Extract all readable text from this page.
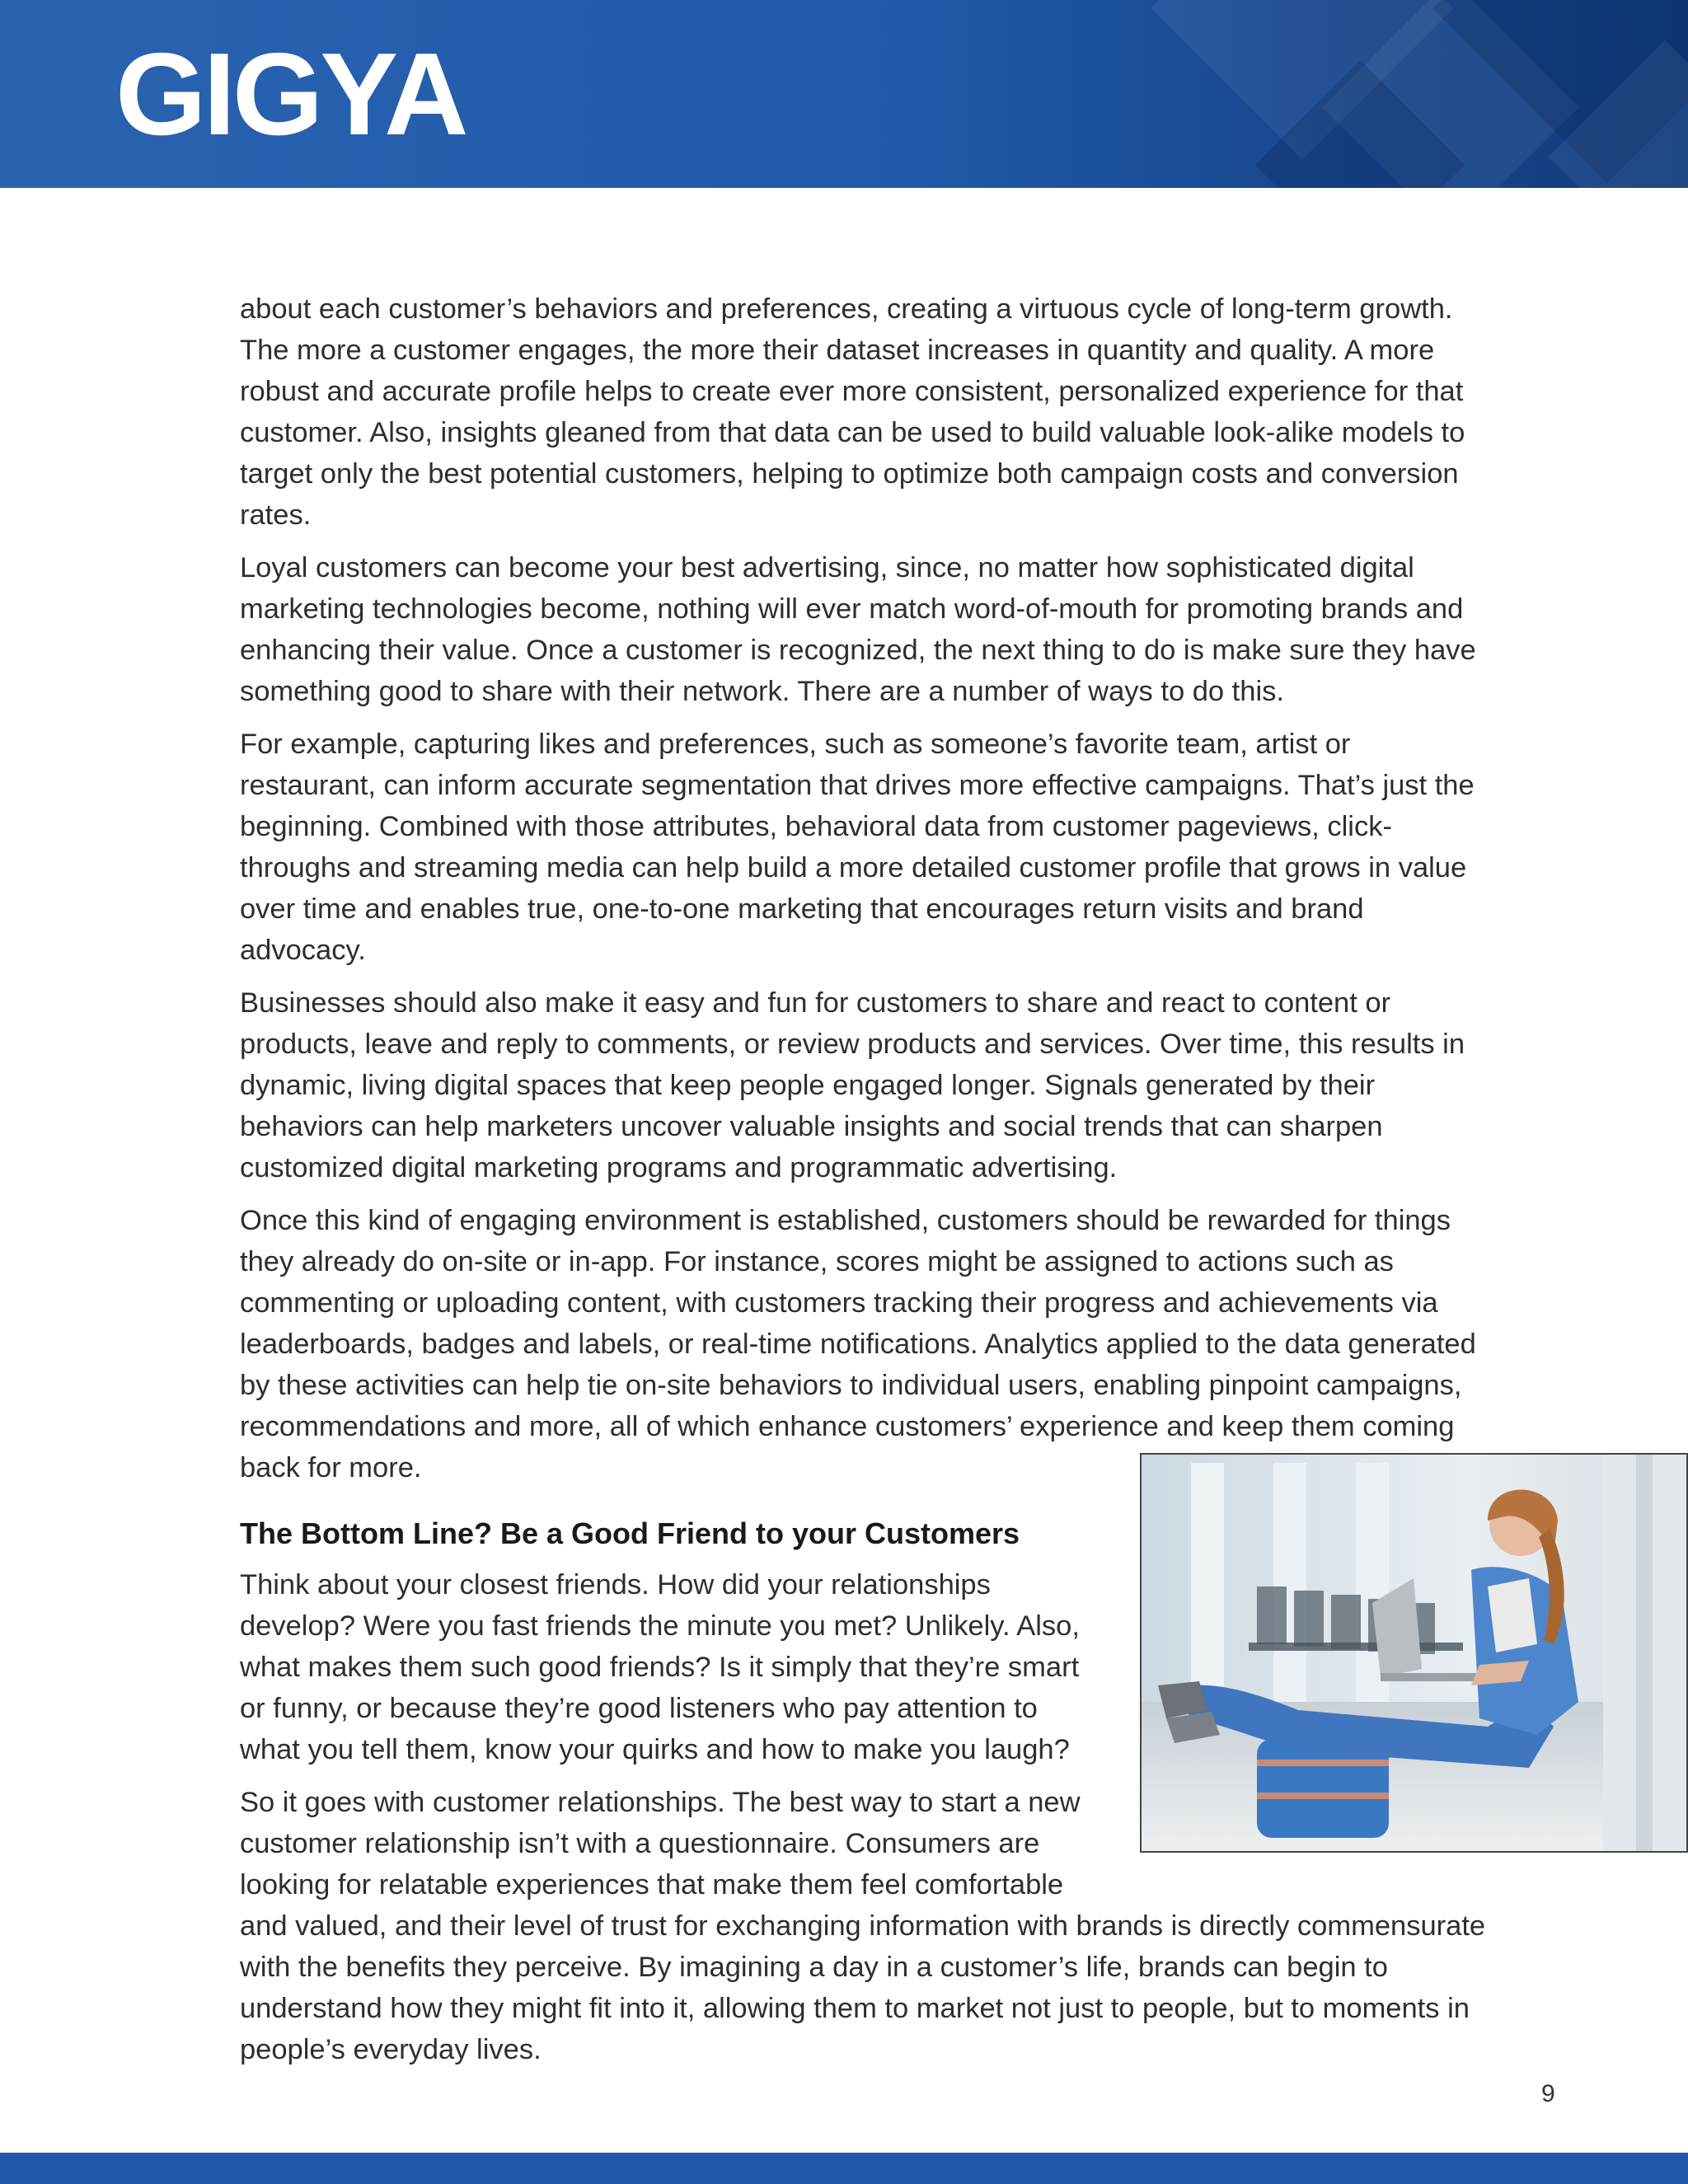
GIGYA

about each customer’s behaviors and preferences, creating a virtuous cycle of long-term growth. The more a customer engages, the more their dataset increases in quantity and quality. A more robust and accurate profile helps to create ever more consistent, personalized experience for that customer. Also, insights gleaned from that data can be used to build valuable look-alike models to target only the best potential customers, helping to optimize both campaign costs and conversion rates.

Loyal customers can become your best advertising, since, no matter how sophisticated digital marketing technologies become, nothing will ever match word-of-mouth for promoting brands and enhancing their value. Once a customer is recognized, the next thing to do is make sure they have something good to share with their network. There are a number of ways to do this.

For example, capturing likes and preferences, such as someone’s favorite team, artist or restaurant, can inform accurate segmentation that drives more effective campaigns. That’s just the beginning. Combined with those attributes, behavioral data from customer pageviews, click-throughs and streaming media can help build a more detailed customer profile that grows in value over time and enables true, one-to-one marketing that encourages return visits and brand advocacy.

Businesses should also make it easy and fun for customers to share and react to content or products, leave and reply to comments, or review products and services. Over time, this results in dynamic, living digital spaces that keep people engaged longer. Signals generated by their behaviors can help marketers uncover valuable insights and social trends that can sharpen customized digital marketing programs and programmatic advertising.

Once this kind of engaging environment is established, customers should be rewarded for things they already do on-site or in-app. For instance, scores might be assigned to actions such as commenting or uploading content, with customers tracking their progress and achievements via leaderboards, badges and labels, or real-time notifications. Analytics applied to the data generated by these activities can help tie on-site behaviors to individual users, enabling pinpoint campaigns, recommendations and more, all of which enhance customers’ experience and keep them coming back for more.

The Bottom Line? Be a Good Friend to your Customers

Think about your closest friends. How did your relationships develop? Were you fast friends the minute you met? Unlikely. Also, what makes them such good friends? Is it simply that they’re smart or funny, or because they’re good listeners who pay attention to what you tell them, know your quirks and how to make you laugh?

So it goes with customer relationships. The best way to start a new customer relationship isn’t with a questionnaire. Consumers are looking for relatable experiences that make them feel comfortable and valued, and their level of trust for exchanging information with brands is directly commensurate with the benefits they perceive. By imagining a day in a customer’s life, brands can begin to understand how they might fit into it, allowing them to market not just to people, but to moments in people’s everyday lives.

9
